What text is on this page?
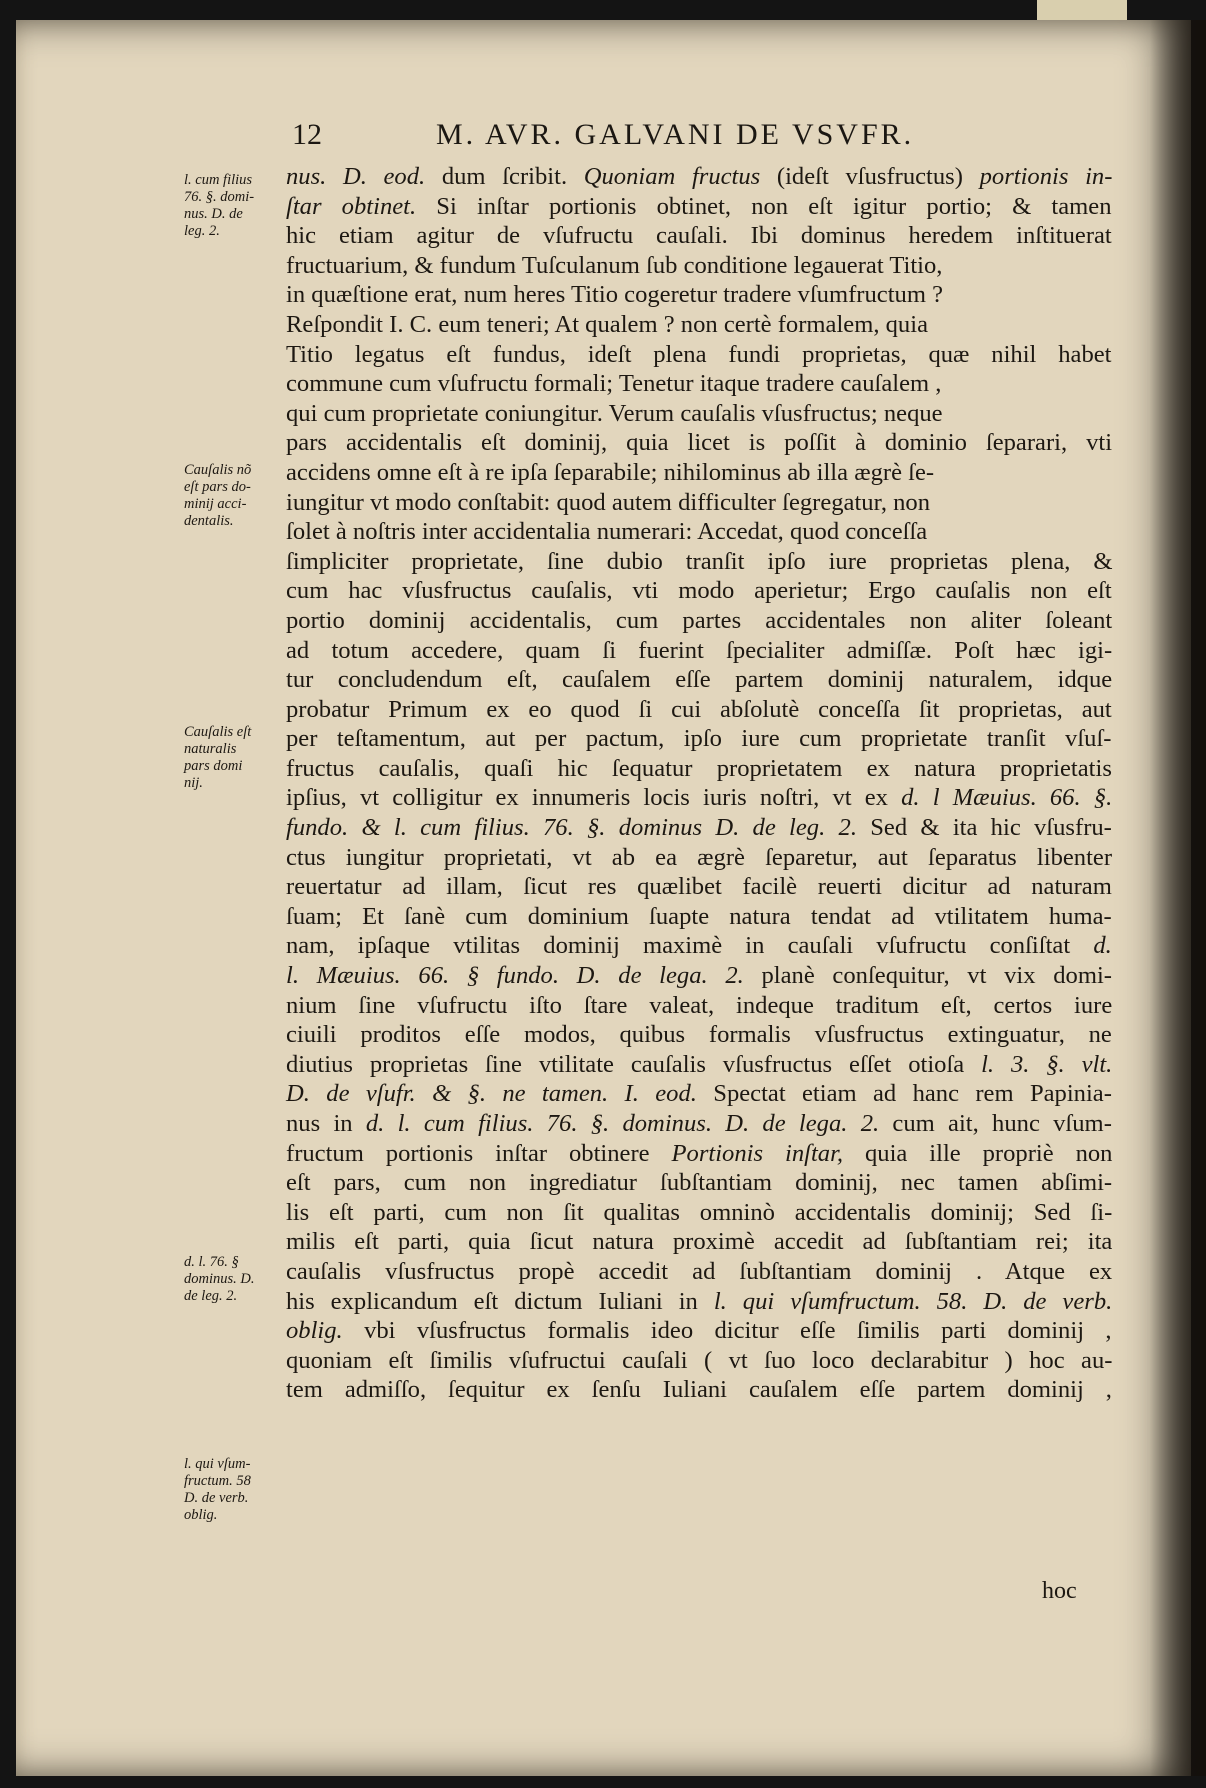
12	M. AVR. GALVANI DE VSVFR.
nus. D. eod. dum ſcribit. Quoniam fructus (ideſt vſusfructus) portionis in-
ſtar obtinet. Si inſtar portionis obtinet, non eſt igitur portio; & tamen
hic etiam agitur de vſufructu cauſali. Ibi dominus heredem inſtituerat
fructuarium, & fundum Tuſculanum ſub conditione legauerat Titio,
in quæſtione erat, num heres Titio cogeretur tradere vſumfructum ?
Reſpondit I. C. eum teneri; At qualem ? non certè formalem, quia
Titio legatus eſt fundus, ideſt plena fundi proprietas, quæ nihil habet
commune cum vſufructu formali; Tenetur itaque tradere cauſalem ,
qui cum proprietate coniungitur. Verum cauſalis vſusfructus; neque
pars accidentalis eſt dominij, quia licet is poſſit à dominio ſeparari, vti
accidens omne eſt à re ipſa ſeparabile; nihilominus ab illa ægrè ſe-
iungitur vt modo conſtabit: quod autem difficulter ſegregatur, non
ſolet à noſtris inter accidentalia numerari: Accedat, quod conceſſa
ſimpliciter proprietate, ſine dubio tranſit ipſo iure proprietas plena, &
cum hac vſusfructus cauſalis, vti modo aperietur; Ergo cauſalis non eſt
portio dominij accidentalis, cum partes accidentales non aliter ſoleant
ad totum accedere, quam ſi fuerint ſpecialiter admiſſæ. Poſt hæc igi-
tur concludendum eſt, cauſalem eſſe partem dominij naturalem, idque
probatur Primum ex eo quod ſi cui abſolutè conceſſa ſit proprietas, aut
per teſtamentum, aut per pactum, ipſo iure cum proprietate tranſit vſuſ-
fructus cauſalis, quaſi hic ſequatur proprietatem ex natura proprietatis
ipſius, vt colligitur ex innumeris locis iuris noſtri, vt ex d. l Mæuius. 66. §.
fundo. & l. cum filius. 76. §. dominus D. de leg. 2. Sed & ita hic vſusfru-
ctus iungitur proprietati, vt ab ea ægrè ſeparetur, aut ſeparatus libenter
reuertatur ad illam, ſicut res quælibet facilè reuerti dicitur ad naturam
ſuam; Et ſanè cum dominium ſuapte natura tendat ad vtilitatem huma-
nam, ipſaque vtilitas dominij maximè in cauſali vſufructu conſiſtat d.
l. Mæuius. 66. § fundo. D. de lega. 2. planè conſequitur, vt vix domi-
nium ſine vſufructu iſto ſtare valeat, indeque traditum eſt, certos iure
ciuili proditos eſſe modos, quibus formalis vſusfructus extinguatur, ne
diutius proprietas ſine vtilitate cauſalis vſusfructus eſſet otioſa l. 3. §. vlt.
D. de vſufr. & §. ne tamen. I. eod. Spectat etiam ad hanc rem Papinia-
nus in d. l. cum filius. 76. §. dominus. D. de lega. 2. cum ait, hunc vſum-
fructum portionis inſtar obtinere Portionis inſtar, quia ille propriè non
eſt pars, cum non ingrediatur ſubſtantiam dominij, nec tamen abſimi-
lis eſt parti, cum non ſit qualitas omninò accidentalis dominij; Sed ſi-
milis eſt parti, quia ſicut natura proximè accedit ad ſubſtantiam rei; ita
cauſalis vſusfructus propè accedit ad ſubſtantiam dominij . Atque ex
his explicandum eſt dictum Iuliani in l. qui vſumfructum. 58. D. de verb.
oblig. vbi vſusfructus formalis ideo dicitur eſſe ſimilis parti dominij ,
quoniam eſt ſimilis vſufructui cauſali ( vt ſuo loco declarabitur ) hoc au-
tem admiſſo, ſequitur ex ſenſu Iuliani cauſalem eſſe partem dominij ,
l. cum filius
76. §. domi-
nus. D. de
leg. 2.
Cauſalis nõ
eſt pars do-
minij acci-
dentalis.
Cauſalis eſt
naturalis
pars domi
nij.
d. l. 76. §
dominus. D.
de leg. 2.
l. qui vſum-
fructum. 58
D. de verb.
oblig.
hoc
